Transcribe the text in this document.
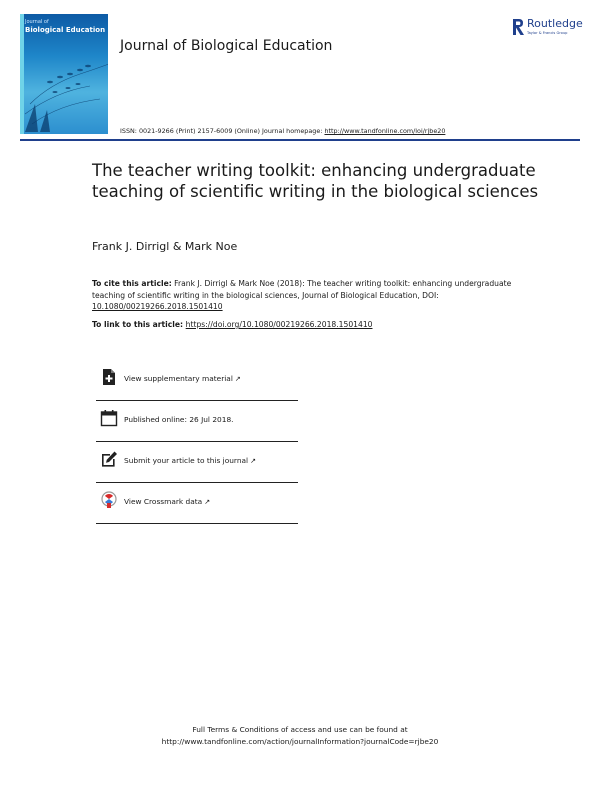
Journal of
Biological Education
Journal of Biological Education
Routledge
Taylor & Francis Group
ISSN: 0021-9266 (Print) 2157-6009 (Online) Journal homepage: http://www.tandfonline.com/loi/rjbe20
The teacher writing toolkit: enhancing undergraduate teaching of scientific writing in the biological sciences
Frank J. Dirrigl & Mark Noe
To cite this article: Frank J. Dirrigl & Mark Noe (2018): The teacher writing toolkit: enhancing undergraduate teaching of scientific writing in the biological sciences, Journal of Biological Education, DOI: 10.1080/00219266.2018.1501410
To link to this article: https://doi.org/10.1080/00219266.2018.1501410
View supplementary material ↗
Published online: 26 Jul 2018.
Submit your article to this journal ↗
View Crossmark data ↗
Full Terms & Conditions of access and use can be found at
http://www.tandfonline.com/action/journalInformation?journalCode=rjbe20
